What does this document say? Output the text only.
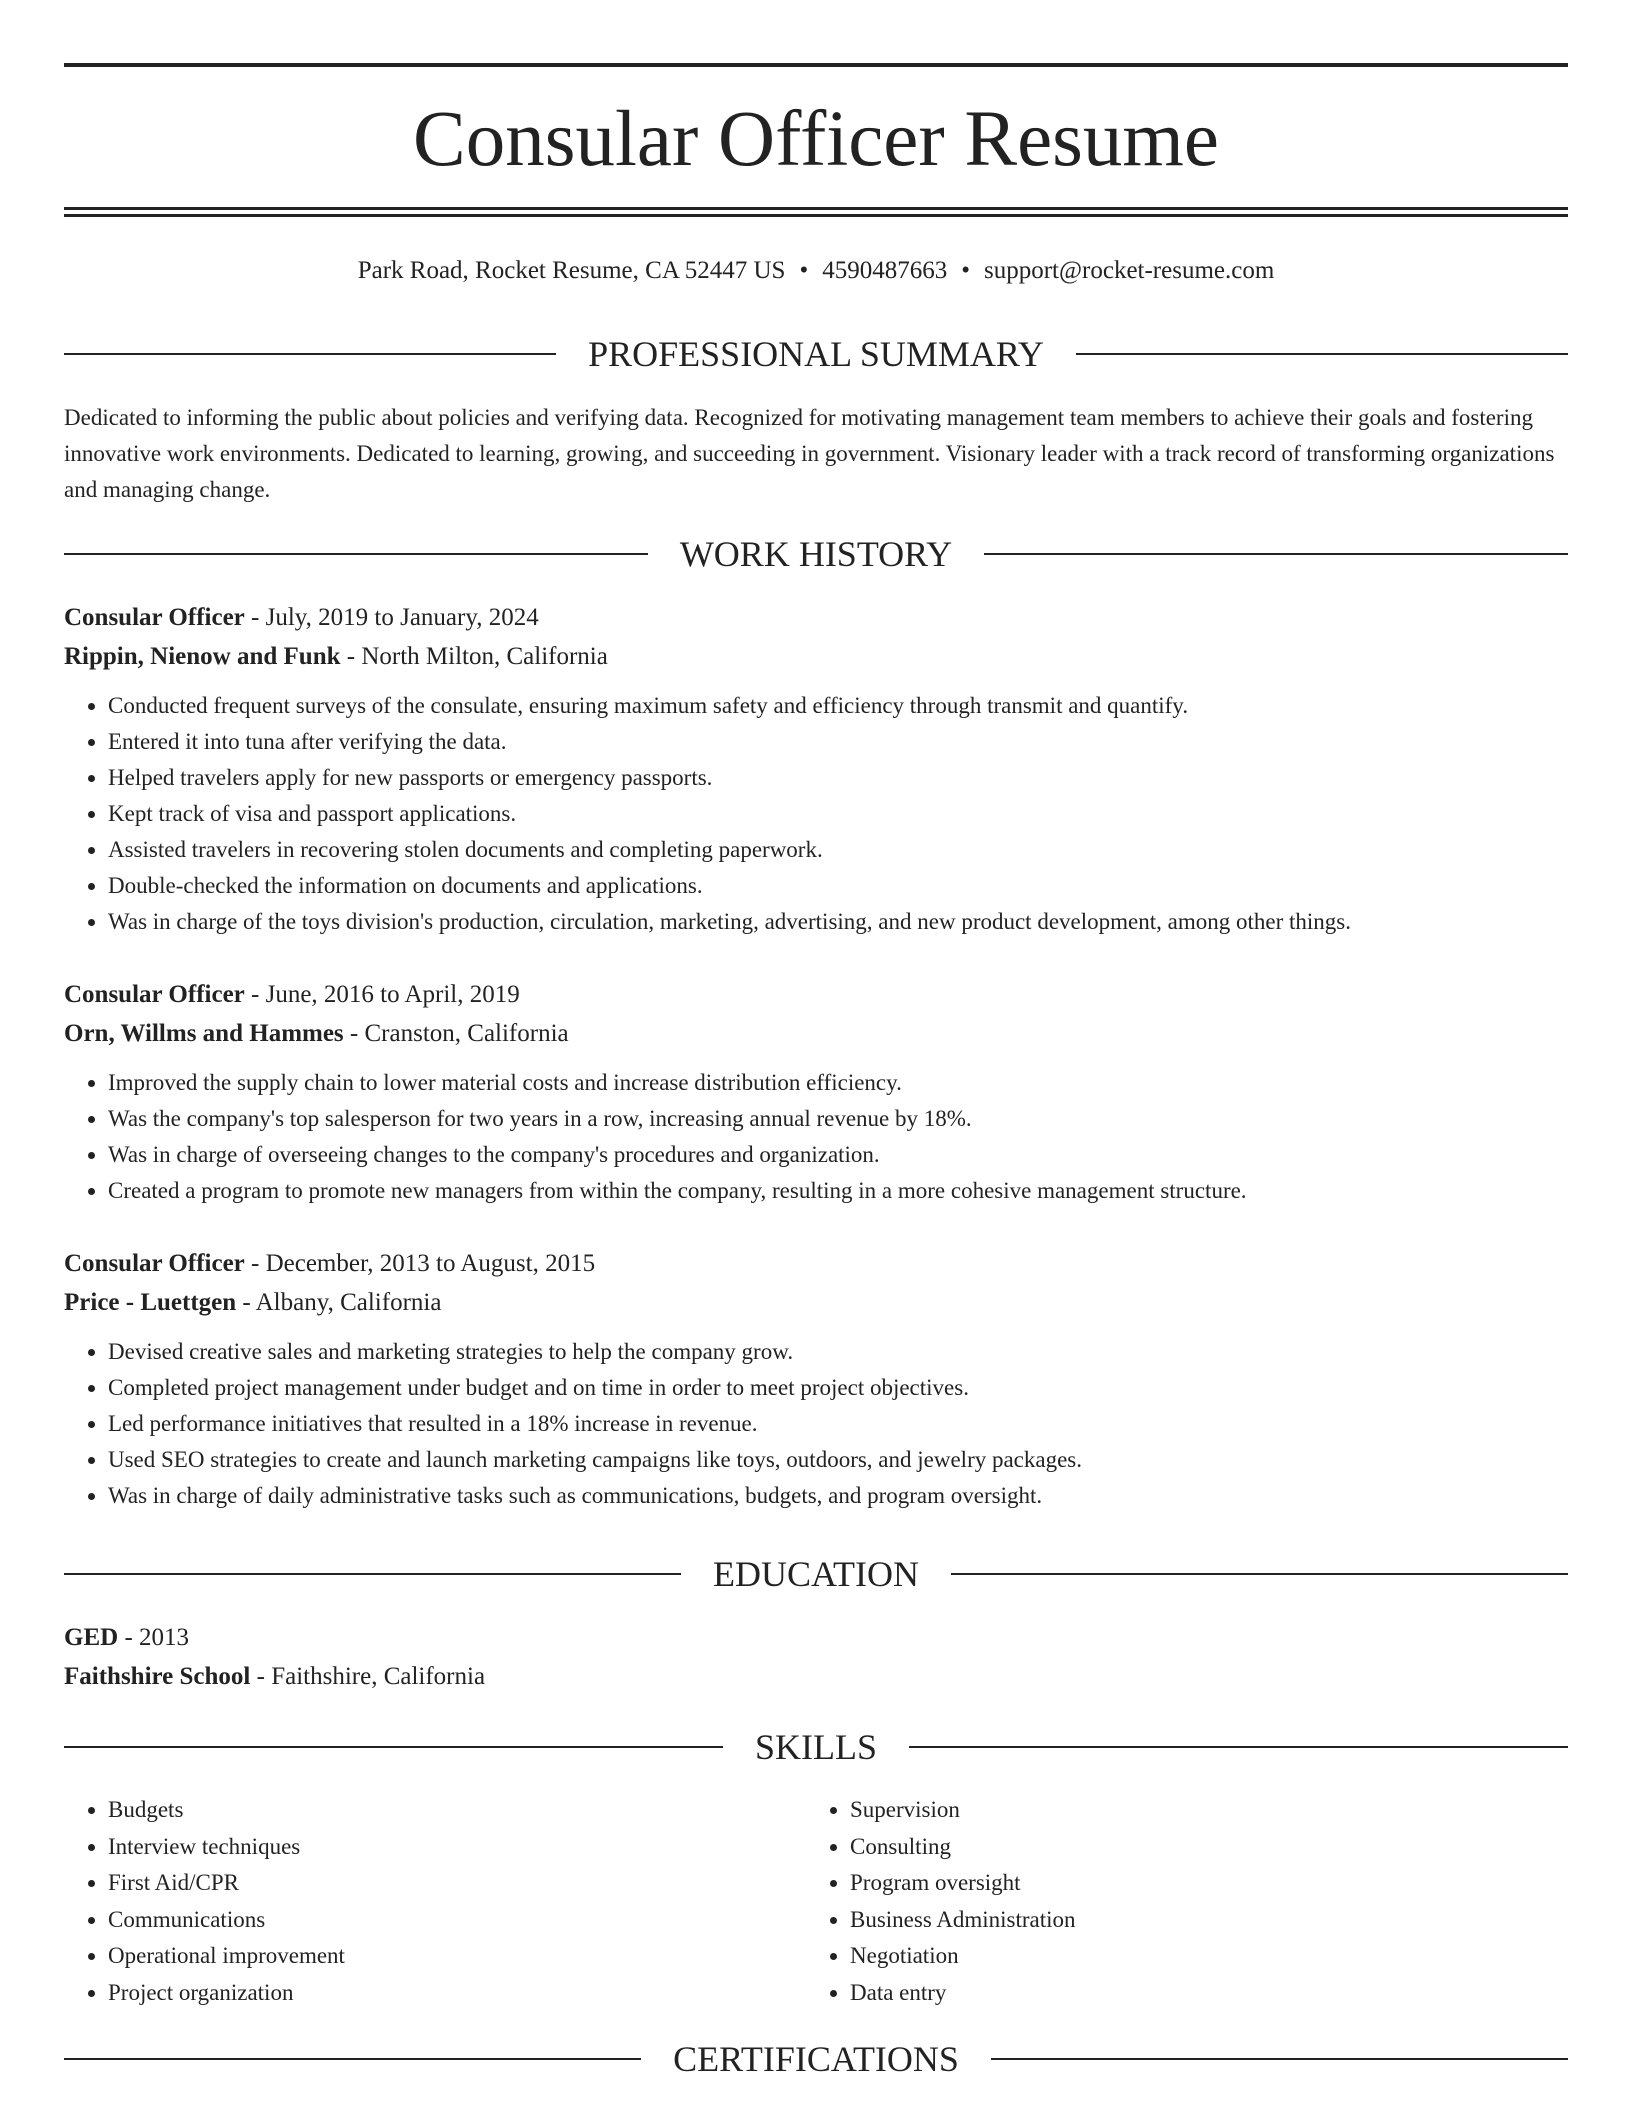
Consular Officer Resume
Park Road, Rocket Resume, CA 52447 US • 4590487663 • support@rocket-resume.com
PROFESSIONAL SUMMARY

Dedicated to informing the public about policies and verifying data. Recognized for motivating management team members to achieve their goals and fostering innovative work environments. Dedicated to learning, growing, and succeeding in government. Visionary leader with a track record of transforming organizations and managing change.

WORK HISTORY
Consular Officer - July, 2019 to January, 2024
Rippin, Nienow and Funk - North Milton, California
• Conducted frequent surveys of the consulate, ensuring maximum safety and efficiency through transmit and quantify.
• Entered it into tuna after verifying the data.
• Helped travelers apply for new passports or emergency passports.
• Kept track of visa and passport applications.
• Assisted travelers in recovering stolen documents and completing paperwork.
• Double-checked the information on documents and applications.
• Was in charge of the toys division's production, circulation, marketing, advertising, and new product development, among other things.
Consular Officer - June, 2016 to April, 2019
Orn, Willms and Hammes - Cranston, California
• Improved the supply chain to lower material costs and increase distribution efficiency.
• Was the company's top salesperson for two years in a row, increasing annual revenue by 18%.
• Was in charge of overseeing changes to the company's procedures and organization.
• Created a program to promote new managers from within the company, resulting in a more cohesive management structure.
Consular Officer - December, 2013 to August, 2015
Price - Luettgen - Albany, California
• Devised creative sales and marketing strategies to help the company grow.
• Completed project management under budget and on time in order to meet project objectives.
• Led performance initiatives that resulted in a 18% increase in revenue.
• Used SEO strategies to create and launch marketing campaigns like toys, outdoors, and jewelry packages.
• Was in charge of daily administrative tasks such as communications, budgets, and program oversight.
EDUCATION
GED - 2013
Faithshire School - Faithshire, California
SKILLS
• Budgets
• Interview techniques
• First Aid/CPR
• Communications
• Operational improvement
• Project organization
• Supervision
• Consulting
• Program oversight
• Business Administration
• Negotiation
• Data entry
CERTIFICATIONS
